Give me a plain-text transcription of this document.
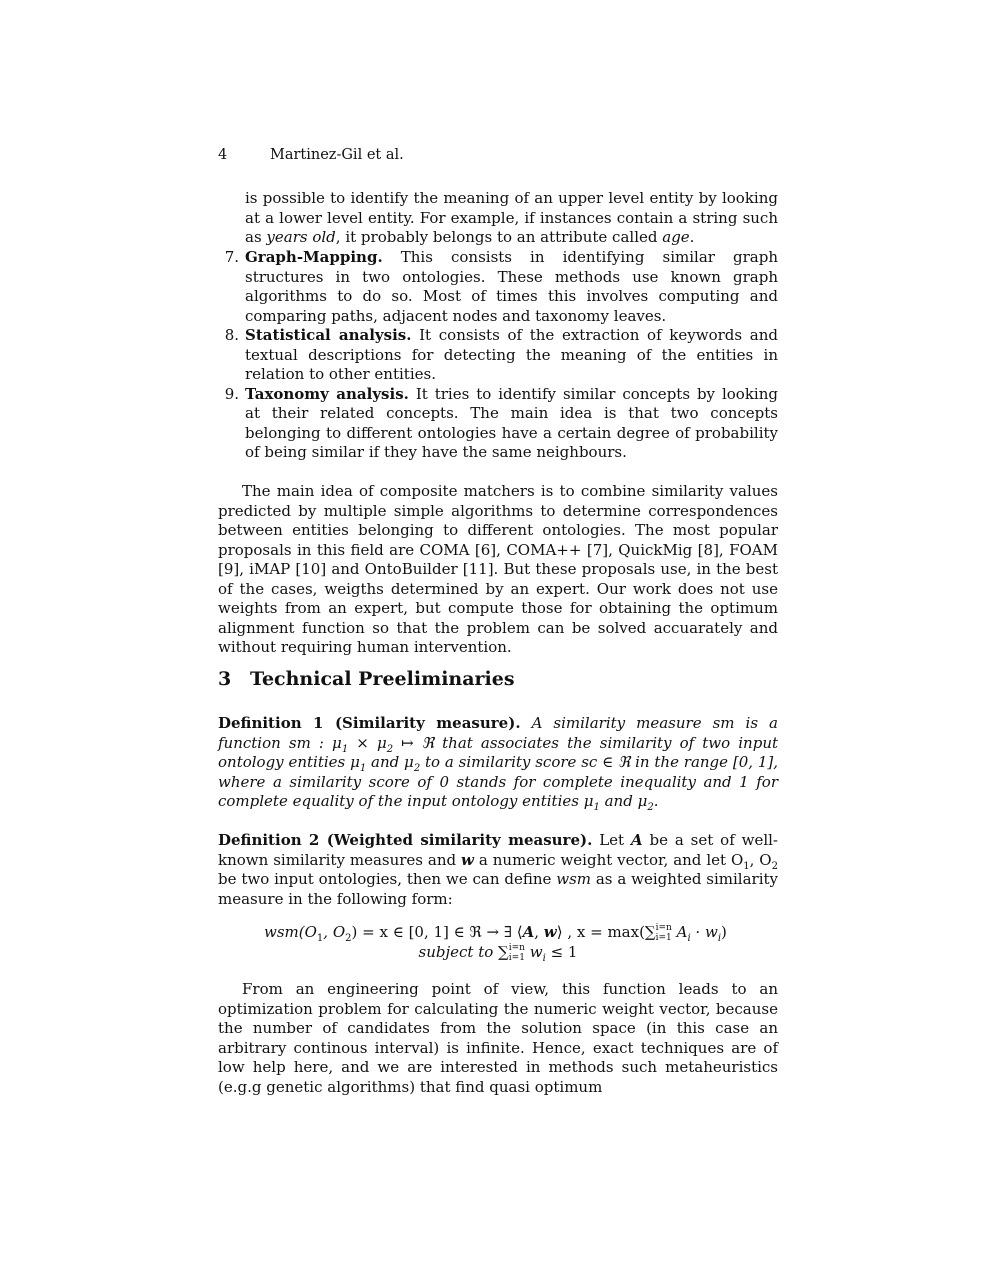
4	Martinez-Gil et al.
is possible to identify the meaning of an upper level entity by looking at a lower level entity. For example, if instances contain a string such as years old, it probably belongs to an attribute called age.
7. Graph-Mapping. This consists in identifying similar graph structures in two ontologies. These methods use known graph algorithms to do so. Most of times this involves computing and comparing paths, adjacent nodes and taxonomy leaves.
8. Statistical analysis. It consists of the extraction of keywords and textual descriptions for detecting the meaning of the entities in relation to other entities.
9. Taxonomy analysis. It tries to identify similar concepts by looking at their related concepts. The main idea is that two concepts belonging to different ontologies have a certain degree of probability of being similar if they have the same neighbours.
The main idea of composite matchers is to combine similarity values predicted by multiple simple algorithms to determine correspondences between entities belonging to different ontologies. The most popular proposals in this field are COMA [6], COMA++ [7], QuickMig [8], FOAM [9], iMAP [10] and OntoBuilder [11]. But these proposals use, in the best of the cases, weigths determined by an expert. Our work does not use weights from an expert, but compute those for obtaining the optimum alignment function so that the problem can be solved accuarately and without requiring human intervention.
3 Technical Preeliminaries
Definition 1 (Similarity measure). A similarity measure sm is a function sm : $\mu_1 \times \mu_2$ ↦ ℜ that associates the similarity of two input ontology entities $\mu_1$ and $\mu_2$ to a similarity score sc ∈ ℜ in the range [0, 1], where a similarity score of 0 stands for complete inequality and 1 for complete equality of the input ontology entities $\mu_1$ and $\mu_2$.
Definition 2 (Weighted similarity measure). Let A be a set of well-known similarity measures and w a numeric weight vector, and let $O_1$, $O_2$ be two input ontologies, then we can define wsm as a weighted similarity measure in the following form:
$wsm(O_1$, $O_2) = x$ ∈ [0, 1] ∈ ℜ → ∃ ⟨A, w⟩ , x = max(∑i=n
i=1 $A_i \cdot w_i$)
subject to ∑i=n
i=1 $w_i \le 1$
From an engineering point of view, this function leads to an optimization problem for calculating the numeric weight vector, because the number of candidates from the solution space (in this case an arbitrary continous interval) is infinite. Hence, exact techniques are of low help here, and we are interested in methods such metaheuristics (e.g.g genetic algorithms) that find quasi optimum
